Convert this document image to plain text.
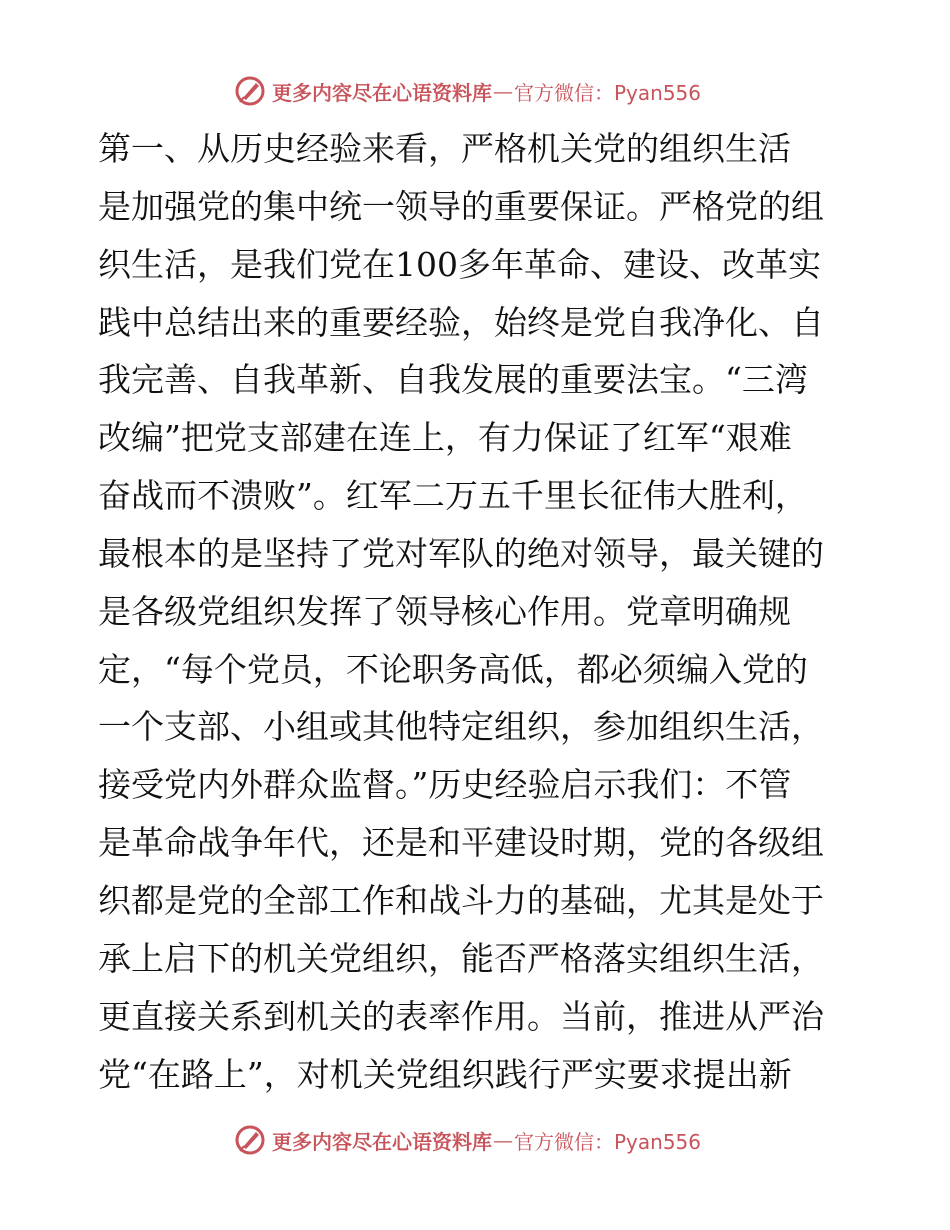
更多内容尽在心语资料库 — 官方微信：Pyan556
第一、从历史经验来看，严格机关党的组织生活
是加强党的集中统一领导的重要保证。严格党的组
织生活，是我们党在100多年革命、建设、改革实
践中总结出来的重要经验，始终是党自我净化、自
我完善、自我革新、自我发展的重要法宝。“三湾
改编”把党支部建在连上，有力保证了红军“艰难
奋战而不溃败”。红军二万五千里长征伟大胜利，
最根本的是坚持了党对军队的绝对领导，最关键的
是各级党组织发挥了领导核心作用。党章明确规
定，“每个党员，不论职务高低，都必须编入党的
一个支部、小组或其他特定组织，参加组织生活，
接受党内外群众监督。”历史经验启示我们：不管
是革命战争年代，还是和平建设时期，党的各级组
织都是党的全部工作和战斗力的基础，尤其是处于
承上启下的机关党组织，能否严格落实组织生活，
更直接关系到机关的表率作用。当前，推进从严治
党“在路上”，对机关党组织践行严实要求提出新
更多内容尽在心语资料库 — 官方微信：Pyan556
